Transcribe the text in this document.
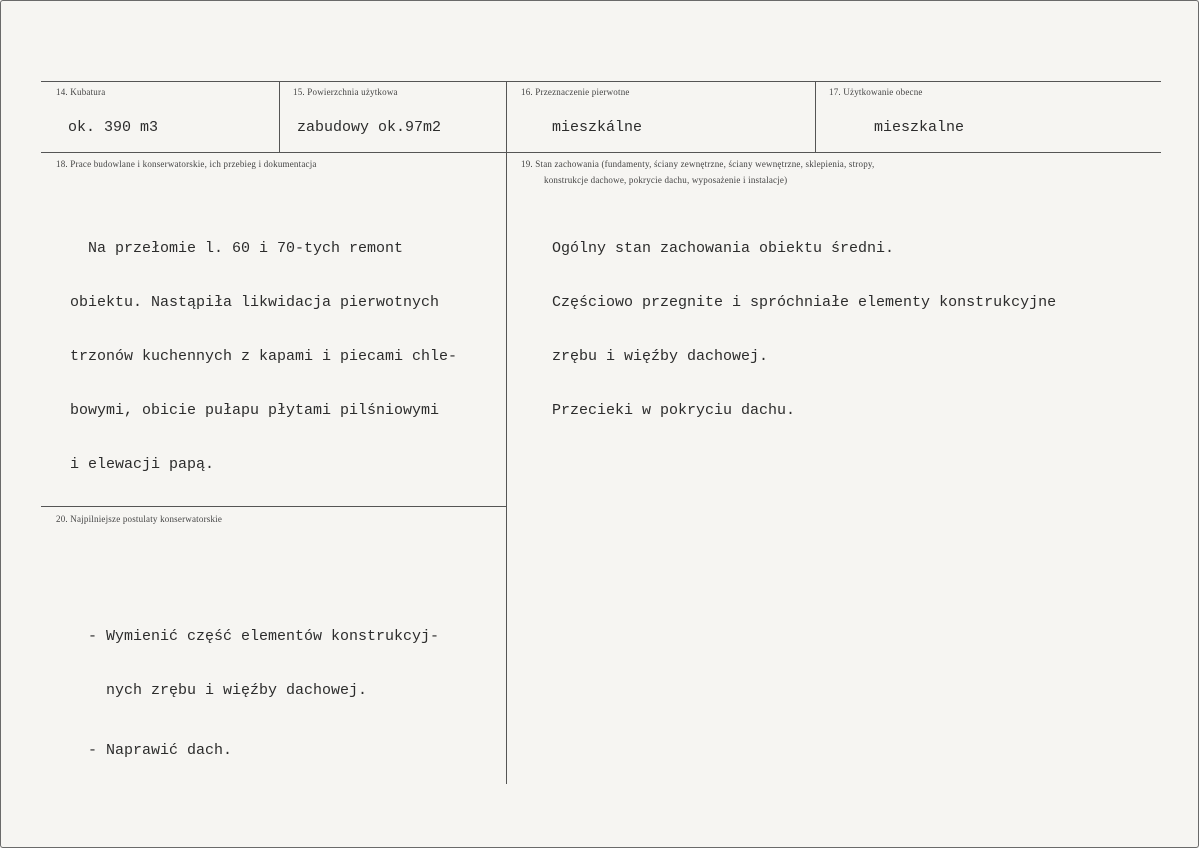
14. Kubatura
ok. 390 m3
15. Powierzchnia użytkowa
zabudowy ok.97m2
16. Przeznaczenie pierwotne
mieszkálne
17. Użytkowanie obecne
mieszkalne
18. Prace budowlane i konserwatorskie, ich przebieg i dokumentacja

Na przełomie l. 60 i 70-tych remont

obiektu. Nastąpiła likwidacja pierwotnych

trzonów kuchennych z kapami i piecami chle-

bowymi, obicie pułapu płytami pilśniowymi

i elewacji papą.

19. Stan zachowania (fundamenty, ściany zewnętrzne, ściany wewnętrzne, sklepienia, stropy,
konstrukcje dachowe, pokrycie dachu, wyposażenie i instalacje)

Ogólny stan zachowania obiektu średni.

Częściowo przegnite i spróchniałe elementy konstrukcyjne

zrębu i więźby dachowej.

Przecieki w pokryciu dachu.

20. Najpilniejsze postulaty konserwatorskie

- Wymienić część elementów konstrukcyj-

nych zrębu i więźby dachowej.

- Naprawić dach.
